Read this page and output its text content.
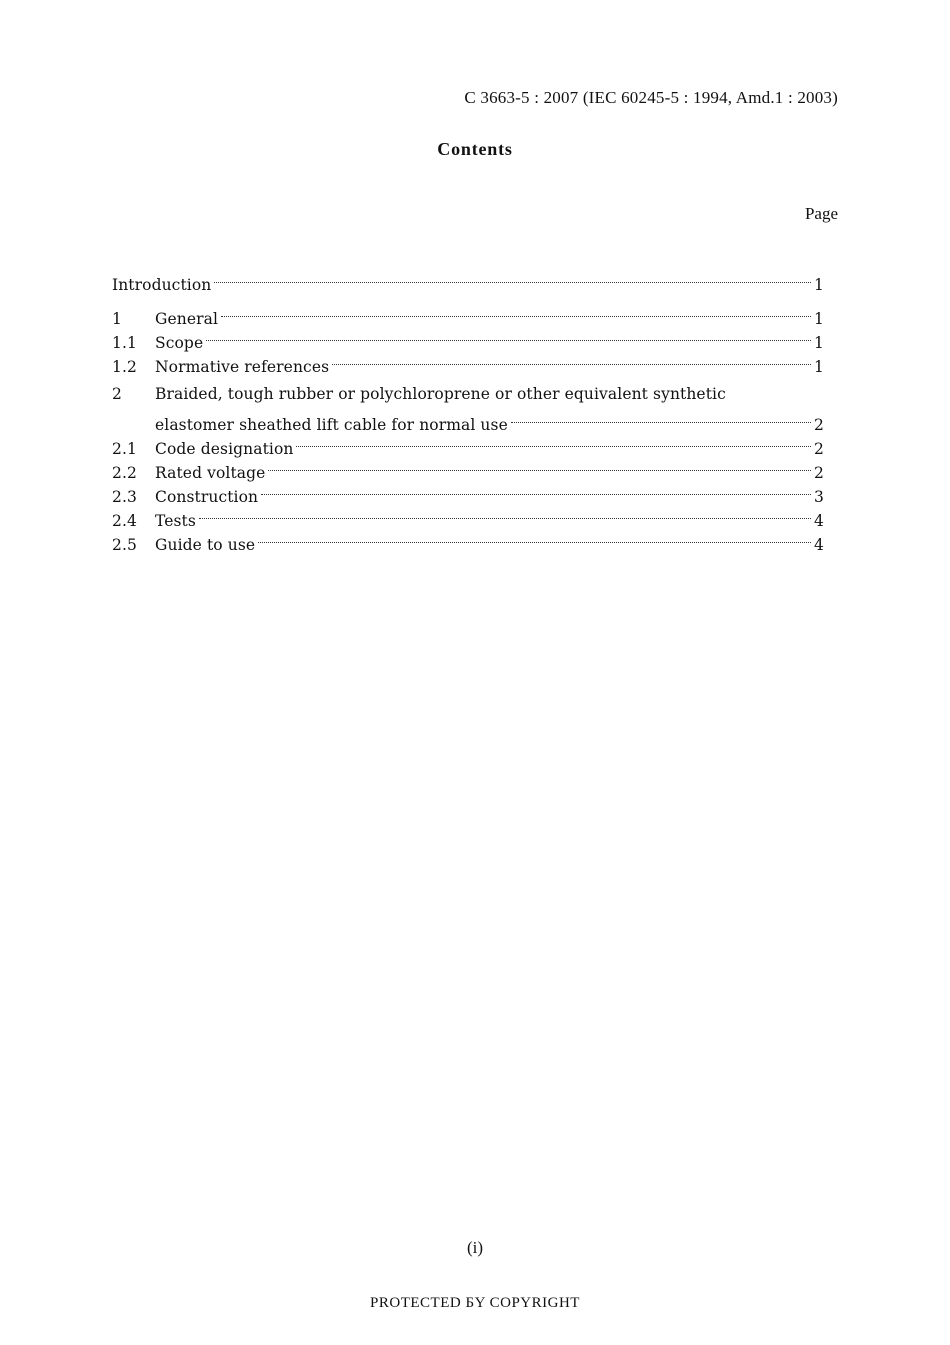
C 3663-5 : 2007 (IEC 60245-5 : 1994, Amd.1 : 2003)
Contents
Page
Introduction	1
1	General	1
1.1	Scope	1
1.2	Normative references	1
2	Braided, tough rubber or polychloroprene or other equivalent synthetic
elastomer sheathed lift cable for normal use	2
2.1	Code designation	2
2.2	Rated voltage	2
2.3	Construction	3
2.4	Tests	4
2.5	Guide to use	4
(i)
PROTECTED БY COPYRIGHT
